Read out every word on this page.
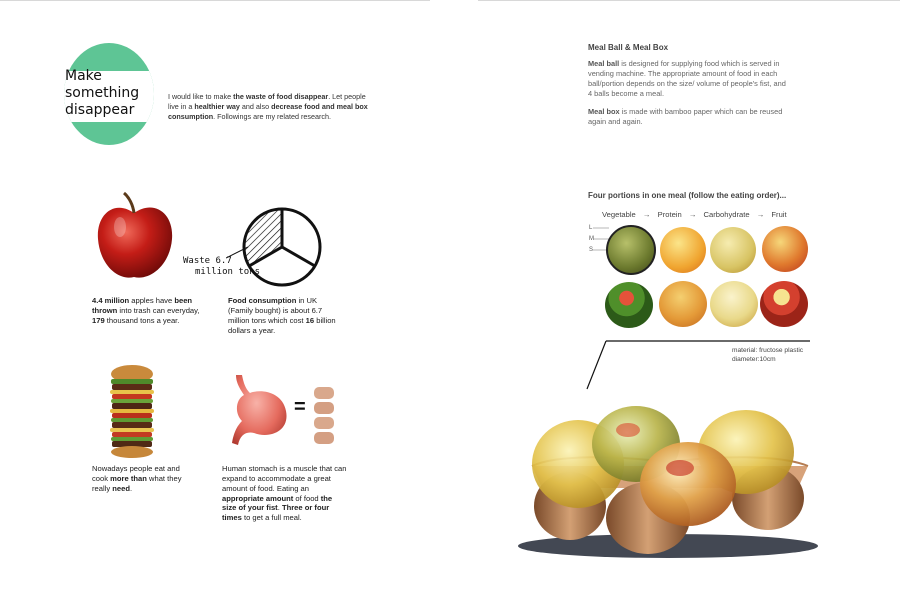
Make
something
disappear
I would like to make the waste of food disappear. Let people live in a healthier way and also decrease food and meal box consumption. Followings are my related research.
4.4 million apples have been thrown into trash can everyday, 179 thousand tons a year.
Waste 6.7
million tons
Food consumption in UK (Family bought) is about 6.7 million tons which cost 16 billion dollars a year.
Nowadays people eat and cook more than what they really need.
=
Human stomach is a muscle that can expand to accommodate a great amount of food. Eating an appropriate amount of food the size of your fist. Three or four times to get a full meal.
Meal Ball & Meal Box
Meal ball is designed for supplying food which is served in vending machine. The appropriate amount of food in each ball/portion depends on the size/ volume of people's fist, and 4 balls become a meal.
Meal box is made with bamboo paper which can be reused again and again.
Four portions in one meal (follow the eating order)...
Vegetable → Protein → Carbohydrate → Fruit
L
M
S
material: fructose plastic
diameter:10cm
